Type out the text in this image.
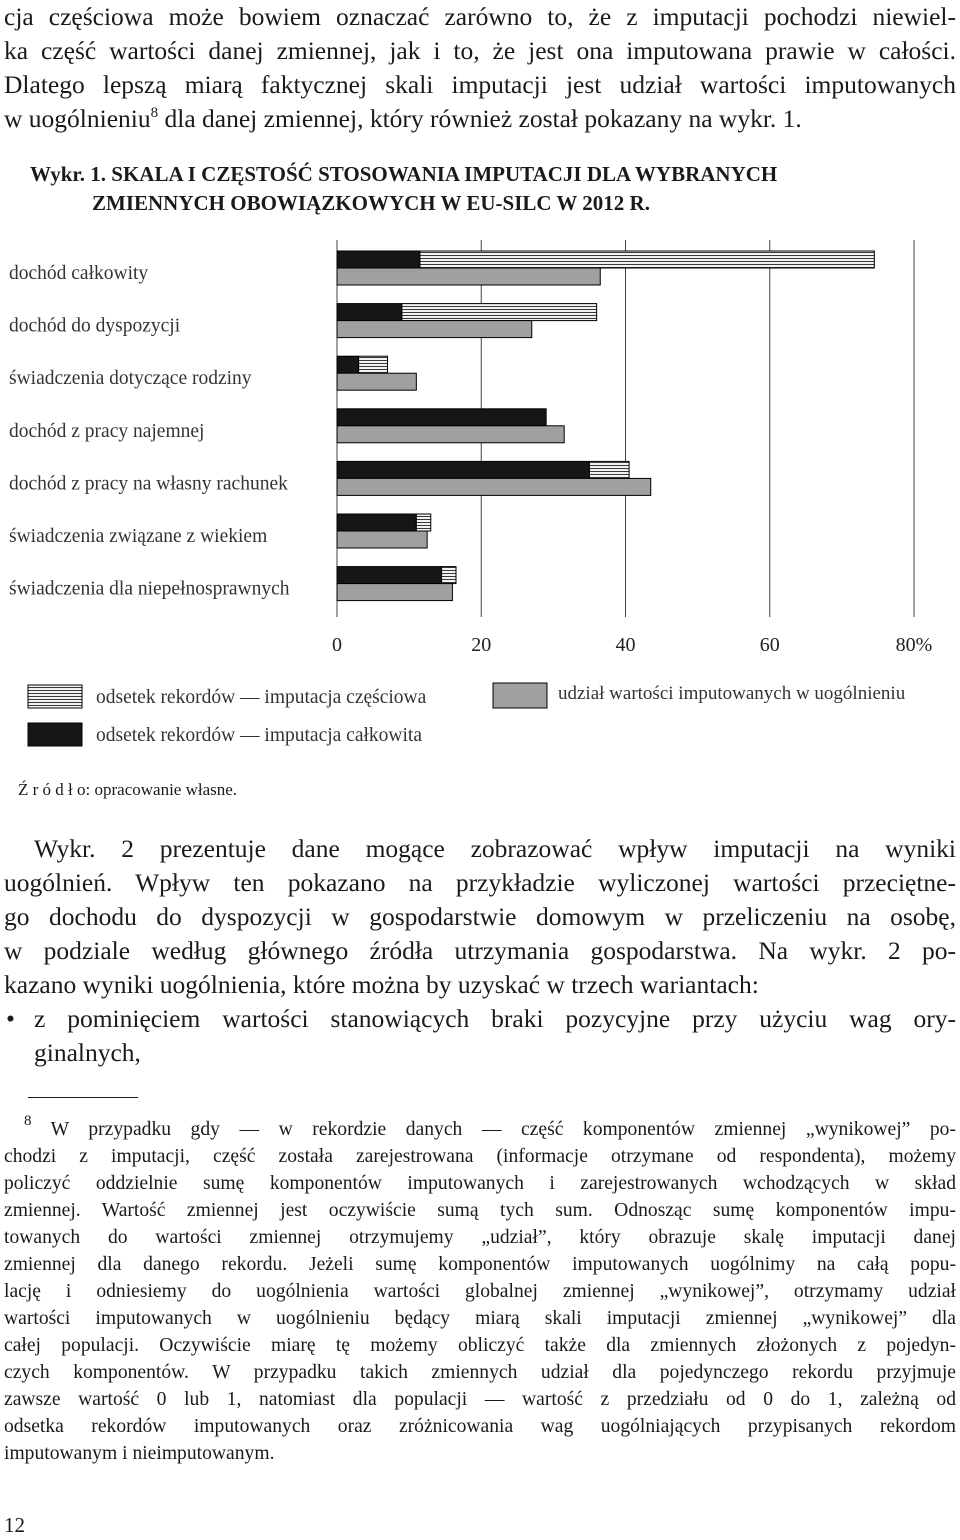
cja częściowa może bowiem oznaczać zarówno to, że z imputacji pochodzi niewiel-
ka część wartości danej zmiennej, jak i to, że jest ona imputowana prawie w całości.
Dlatego lepszą miarą faktycznej skali imputacji jest udział wartości imputowanych
w uogólnieniu$^8$ dla danej zmiennej, który również został pokazany na wykr. 1.
Wykr. 1. SKALA I CZĘSTOŚĆ STOSOWANIA IMPUTACJI DLA WYBRANYCH
ZMIENNYCH OBOWIĄZKOWYCH W EU-SILC W 2012 R.
dochód całkowity
dochód do dyspozycji
świadczenia dotyczące rodziny
dochód z pracy najemnej
dochód z pracy na własny rachunek
świadczenia związane z wiekiem
świadczenia dla niepełnosprawnych
0	20	40	60	80%
odsetek rekordów — imputacja częściowa
odsetek rekordów — imputacja całkowita
udział wartości imputowanych w uogólnieniu
Ź r ó d ł o: opracowanie własne.
Wykr. 2 prezentuje dane mogące zobrazować wpływ imputacji na wyniki
uogólnień. Wpływ ten pokazano na przykładzie wyliczonej wartości przeciętne-
go dochodu do dyspozycji w gospodarstwie domowym w przeliczeniu na osobę,
w podziale według głównego źródła utrzymania gospodarstwa. Na wykr. 2 po-
kazano wyniki uogólnienia, które można by uzyskać w trzech wariantach:
• z pominięciem wartości stanowiących braki pozycyjne przy użyciu wag ory-
ginalnych,
$^8$ W przypadku gdy — w rekordzie danych — część komponentów zmiennej „wynikowej” po-
chodzi z imputacji, część została zarejestrowana (informacje otrzymane od respondenta), możemy
policzyć oddzielnie sumę komponentów imputowanych i zarejestrowanych wchodzących w skład
zmiennej. Wartość zmiennej jest oczywiście sumą tych sum. Odnosząc sumę komponentów impu-
towanych do wartości zmiennej otrzymujemy „udział”, który obrazuje skalę imputacji danej
zmiennej dla danego rekordu. Jeżeli sumę komponentów imputowanych uogólnimy na całą popu-
lację i odniesiemy do uogólnienia wartości globalnej zmiennej „wynikowej”, otrzymamy udział
wartości imputowanych w uogólnieniu będący miarą skali imputacji zmiennej „wynikowej” dla
całej populacji. Oczywiście miarę tę możemy obliczyć także dla zmiennych złożonych z pojedyn-
czych komponentów. W przypadku takich zmiennych udział dla pojedynczego rekordu przyjmuje
zawsze wartość 0 lub 1, natomiast dla populacji — wartość z przedziału od 0 do 1, zależną od
odsetka rekordów imputowanych oraz zróżnicowania wag uogólniających przypisanych rekordom
imputowanym i nieimputowanym.
12
